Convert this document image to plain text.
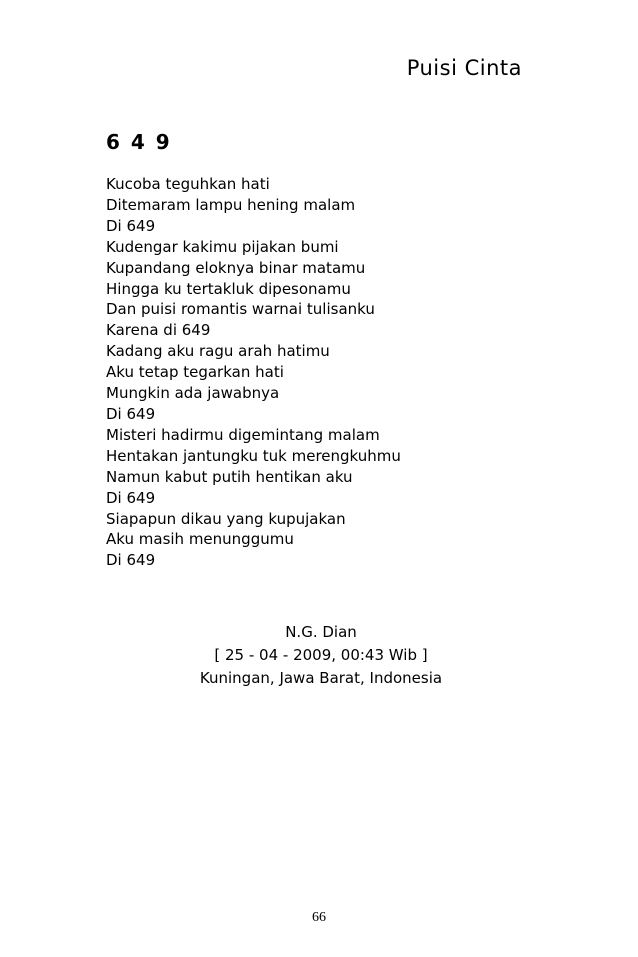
Puisi Cinta
6 4 9
Kucoba teguhkan hati
Ditemaram lampu hening malam
Di 649
Kudengar kakimu pijakan bumi
Kupandang eloknya binar matamu
Hingga ku tertakluk dipesonamu
Dan puisi romantis warnai tulisanku
Karena di 649
Kadang aku ragu arah hatimu
Aku tetap tegarkan hati
Mungkin ada jawabnya
Di 649
Misteri hadirmu digemintang malam
Hentakan jantungku tuk merengkuhmu
Namun kabut putih hentikan aku
Di 649
Siapapun dikau yang kupujakan
Aku masih menunggumu
Di 649
N.G. Dian
[ 25 - 04 - 2009, 00:43 Wib ]
Kuningan, Jawa Barat, Indonesia
66
